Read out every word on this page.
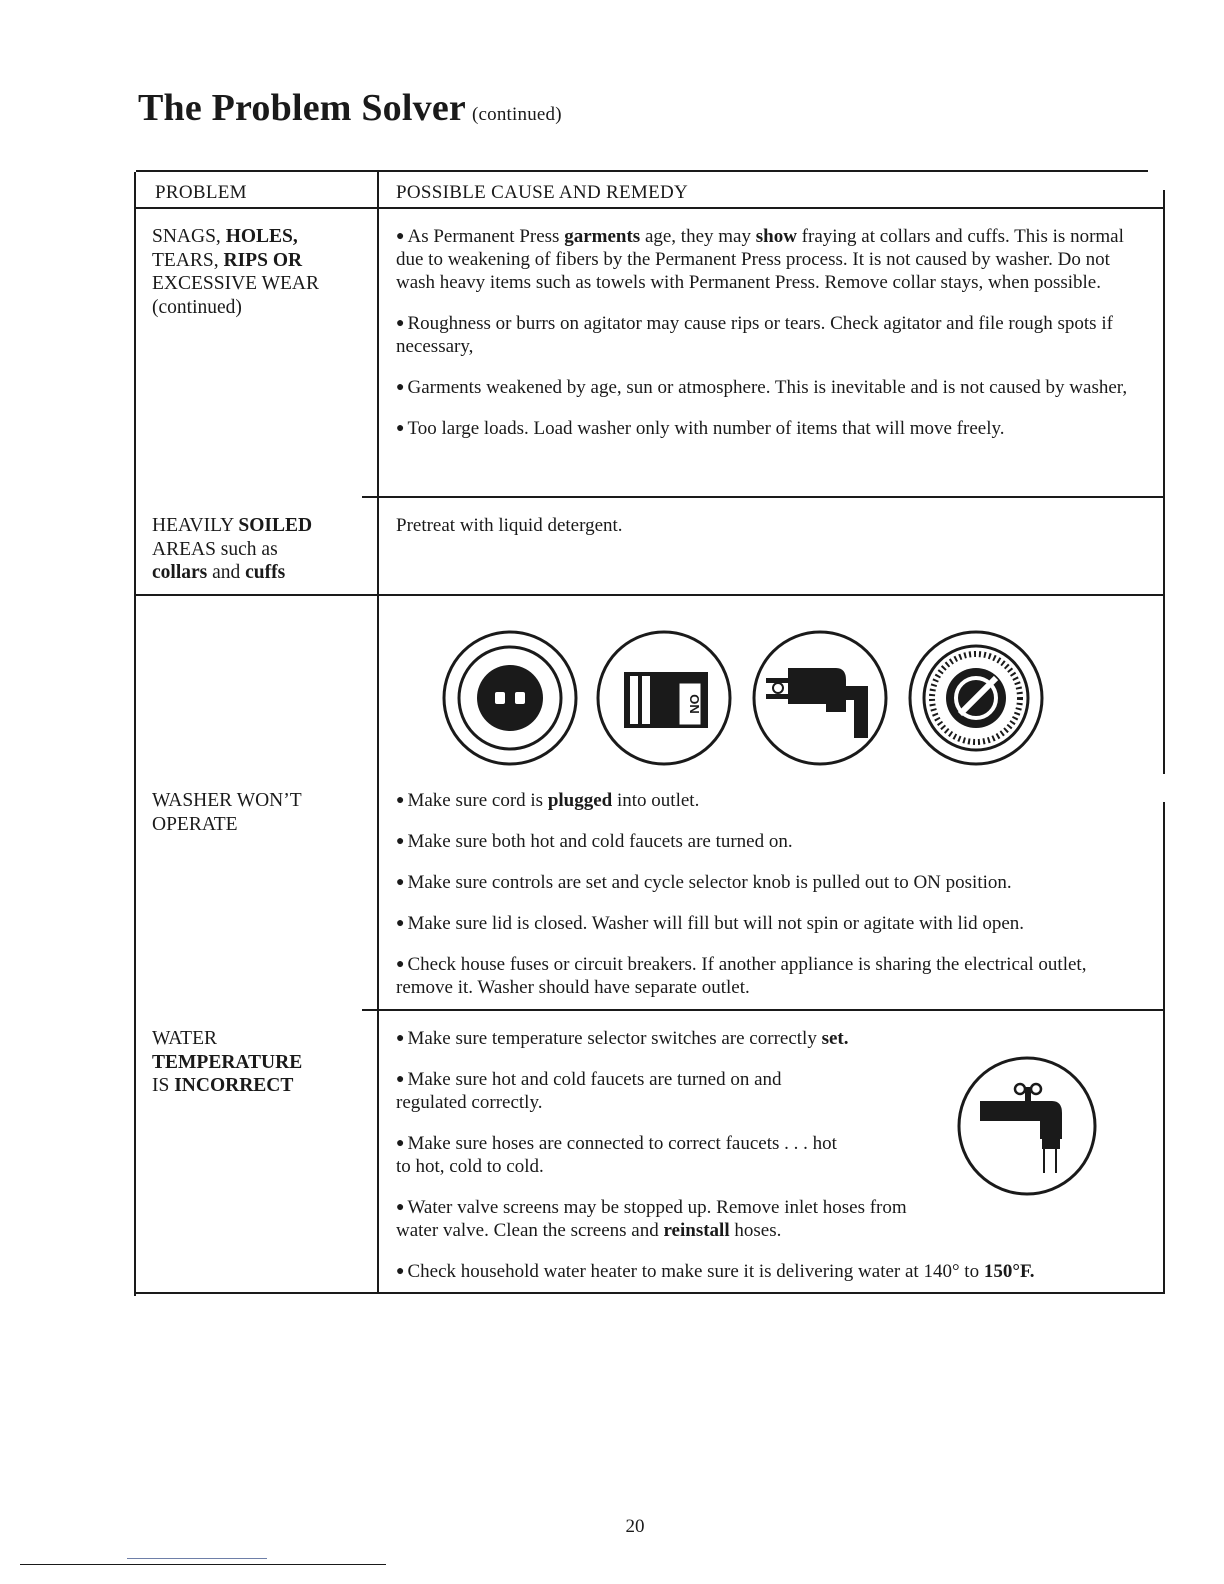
The Problem Solver (continued)
PROBLEM	POSSIBLE CAUSE AND REMEDY
SNAGS, HOLES,
TEARS, RIPS OR
EXCESSIVE WEAR
(continued)

● As Permanent Press garments age, they may show fraying at collars and cuffs. This is normal due to weakening of fibers by the Permanent Press process. It is not caused by washer. Do not wash heavy items such as towels with Permanent Press. Remove collar stays, when possible.

● Roughness or burrs on agitator may cause rips or tears. Check agitator and file rough spots if necessary,

● Garments weakened by age, sun or atmosphere. This is inevitable and is not caused by washer,

● Too large loads. Load washer only with number of items that will move freely.

HEAVILY SOILED
AREAS such as
collars and cuffs
Pretreat with liquid detergent.
ON
WASHER WON’T
OPERATE

● Make sure cord is plugged into outlet.

● Make sure both hot and cold faucets are turned on.

● Make sure controls are set and cycle selector knob is pulled out to ON position.

● Make sure lid is closed. Washer will fill but will not spin or agitate with lid open.

● Check house fuses or circuit breakers. If another appliance is sharing the electrical outlet, remove it. Washer should have separate outlet.

WATER
TEMPERATURE
IS INCORRECT

● Make sure temperature selector switches are correctly set.

● Make sure hot and cold faucets are turned on and regulated correctly.

● Make sure hoses are connected to correct faucets . . . hot to hot, cold to cold.

● Water valve screens may be stopped up. Remove inlet hoses from water valve. Clean the screens and reinstall hoses.

● Check household water heater to make sure it is delivering water at 140° to 150°F.

20
